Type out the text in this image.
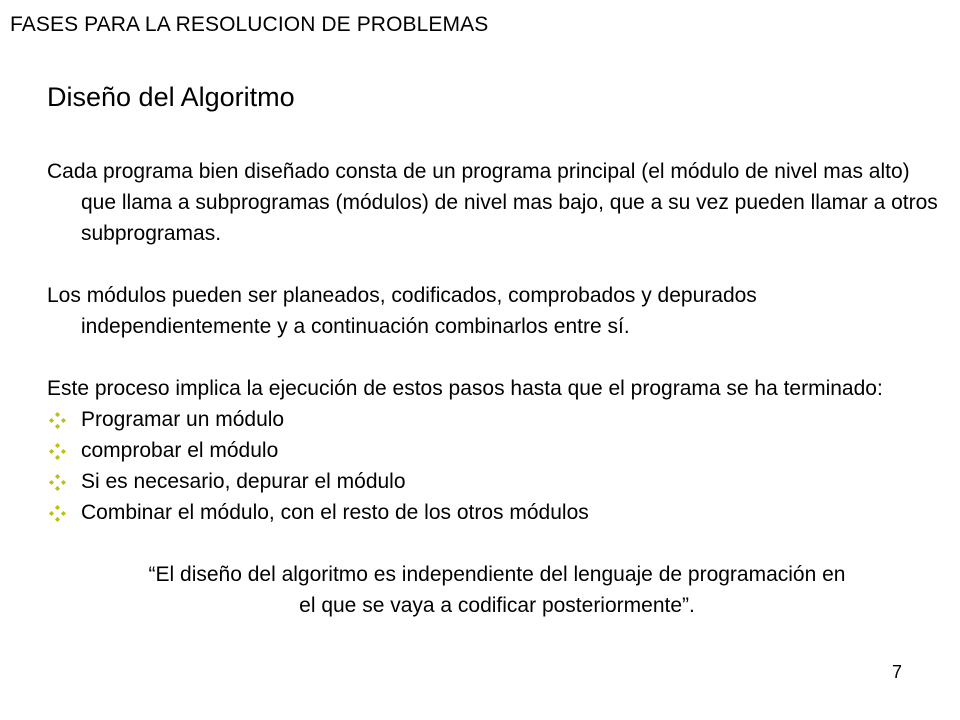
FASES PARA LA RESOLUCION DE PROBLEMAS
Diseño del Algoritmo

Cada programa bien diseñado consta de un programa principal (el módulo de nivel mas alto) que llama a subprogramas (módulos) de nivel mas bajo, que a su vez pueden llamar a otros subprogramas.

Los módulos pueden ser planeados, codificados, comprobados y depurados independientemente y a continuación combinarlos entre sí.

Este proceso implica la ejecución de estos pasos hasta que el programa se ha terminado:

Programar un módulo
comprobar el módulo
Si es necesario, depurar el módulo
Combinar el módulo, con el resto de los otros módulos

“El diseño del algoritmo es independiente del lenguaje de programación en
el que se vaya a codificar posteriormente”.

7
